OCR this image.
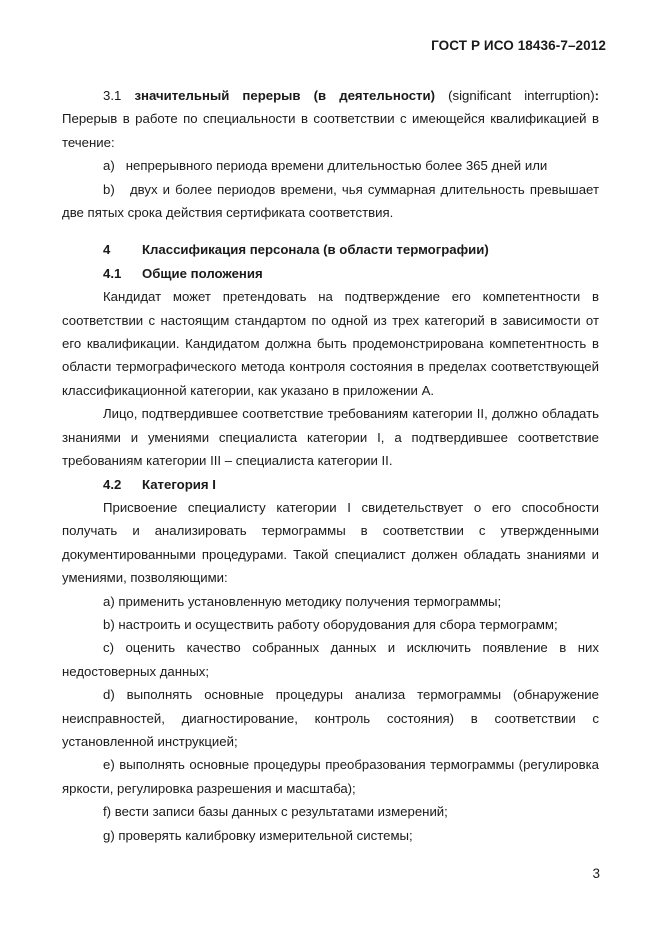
ГОСТ Р ИСО 18436-7–2012

3.1 значительный перерыв (в деятельности) (significant interruption): Перерыв в работе по специальности в соответствии с имеющейся квалификацией в течение:

a) непрерывного периода времени длительностью более 365 дней или

b) двух и более периодов времени, чья суммарная длительность превышает две пятых срока действия сертификата соответствия.

4 Классификация персонала (в области термографии)

4.1 Общие положения

Кандидат может претендовать на подтверждение его компетентности в соответствии с настоящим стандартом по одной из трех категорий в зависимости от его квалификации. Кандидатом должна быть продемонстрирована компетентность в области термографического метода контроля состояния в пределах соответствующей классификационной категории, как указано в приложении А.

Лицо, подтвердившее соответствие требованиям категории II, должно обладать знаниями и умениями специалиста категории I, а подтвердившее соответствие требованиям категории III – специалиста категории II.

4.2 Категория I

Присвоение специалисту категории I свидетельствует о его способности получать и анализировать термограммы в соответствии с утвержденными документированными процедурами. Такой специалист должен обладать знаниями и умениями, позволяющими:

a) применить установленную методику получения термограммы;

b) настроить и осуществить работу оборудования для сбора термограмм;

c) оценить качество собранных данных и исключить появление в них недостоверных данных;

d) выполнять основные процедуры анализа термограммы (обнаружение неисправностей, диагностирование, контроль состояния) в соответствии с установленной инструкцией;

e) выполнять основные процедуры преобразования термограммы (регулировка яркости, регулировка разрешения и масштаба);

f) вести записи базы данных с результатами измерений;

g) проверять калибровку измерительной системы;

3
